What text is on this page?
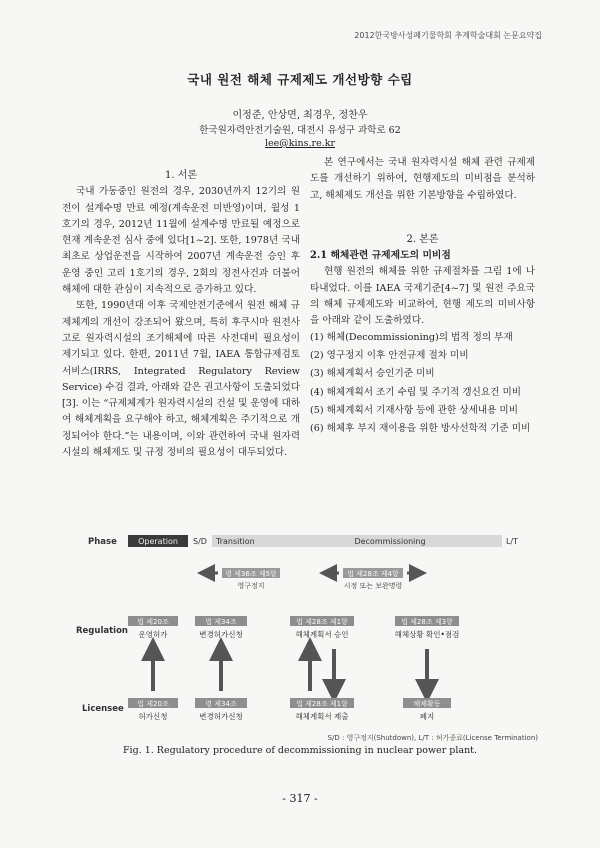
2012한국방사성폐기물학회 추계학술대회 논문요약집
국내 원전 해체 규제제도 개선방향 수립
이정준, 안상면, 최경우, 정찬우
한국원자력안전기술원, 대전시 유성구 과학로 62
lee@kins.re.kr

1. 서론

국내 가동중인 원전의 경우, 2030년까지 12기의 원전이 설계수명 만료 예정(계속운전 미반영)이며, 월성 1호기의 경우, 2012년 11월에 설계수명 만료될 예정으로 현재 계속운전 심사 중에 있다[1~2]. 또한, 1978년 국내 최초로 상업운전을 시작하여 2007년 계속운전 승인 후 운영 중인 고리 1호기의 경우, 2회의 정전사건과 더불어 해체에 대한 관심이 지속적으로 증가하고 있다.

또한, 1990년대 이후 국제안전기준에서 원전 해체 규제체계의 개선이 강조되어 왔으며, 특히 후쿠시마 원전사고로 원자력시설의 조기해체에 따른 사전대비 필요성이 제기되고 있다. 한편, 2011년 7월, IAEA 통합규제검토서비스(IRRS, Integrated Regulatory Review Service) 수검 결과, 아래와 같은 권고사항이 도출되었다[3]. 이는 “규제체계가 원자력시설의 건설 및 운영에 대하여 해체계획을 요구해야 하고, 해체계획은 주기적으로 개정되어야 한다.”는 내용이며, 이와 관련하여 국내 원자력시설의 해체제도 및 규정 정비의 필요성이 대두되었다.

본 연구에서는 국내 원자력시설 해체 관련 규제제도를 개선하기 위하여, 현행제도의 미비점을 분석하고, 해체제도 개선을 위한 기본방향을 수립하였다.

2. 본론

2.1 해체관련 규제제도의 미비점

현행 원전의 해체를 위한 규제절차를 그림 1에 나타내었다. 이를 IAEA 국제기준[4~7] 및 원전 주요국의 해체 규제제도와 비교하여, 현행 제도의 미비사항을 아래와 같이 도출하였다.

(1) 해체(Decommissioning)의 법적 정의 부재
(2) 영구정지 이후 안전규제 절차 미비
(3) 해체계획서 승인기준 미비
(4) 해체계획서 조기 수립 및 주기적 갱신요건 미비
(5) 해체계획서 기재사항 등에 관한 상세내용 미비
(6) 해체후 부지 재이용을 위한 방사선학적 기준 미비
Phase
Regulation
Licensee
Operation S/D Transition	Decommissioning	L/T
령 제36조 제5항
영구정지
법 제28조 제4항
시정 또는 보완명령
법 제20조
운영허가
법 제34조
변경허가신청
법 제28조 제1항
해체계획서 승인
법 제28조 제3항
해체상황 확인•점검
법 제20조
허가신청
령 제34조
변경허가신청
법 제28조 제1항
해체계획서 제출
해체활동
폐지
S/D : 영구정지(Shutdown), L/T : 허가종료(License Termination)
Fig. 1. Regulatory procedure of decommissioning in nuclear power plant.
- 317 -
